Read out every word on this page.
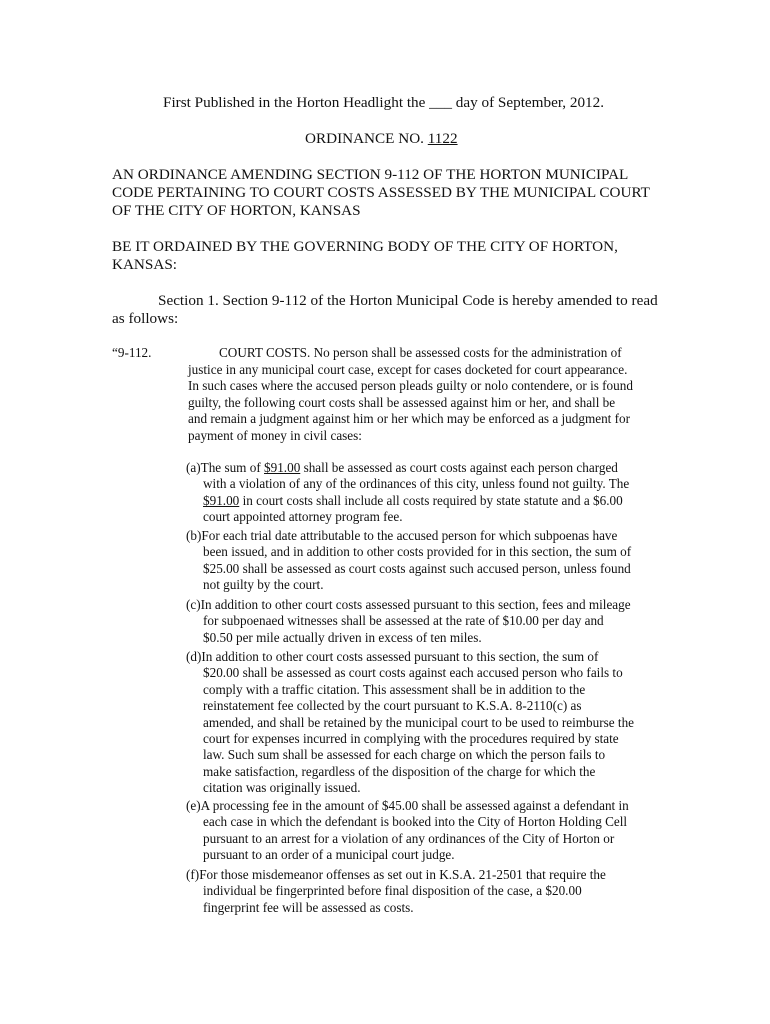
First Published in the Horton Headlight the ___ day of September, 2012.
ORDINANCE NO. 1122
AN ORDINANCE AMENDING SECTION 9-112 OF THE HORTON MUNICIPAL
CODE PERTAINING TO COURT COSTS ASSESSED BY THE MUNICIPAL COURT
OF THE CITY OF HORTON, KANSAS
BE IT ORDAINED BY THE GOVERNING BODY OF THE CITY OF HORTON,
KANSAS:
Section 1. Section 9-112 of the Horton Municipal Code is hereby amended to read
as follows:
“9-112.	COURT COSTS. No person shall be assessed costs for the administration of
justice in any municipal court case, except for cases docketed for court appearance.
In such cases where the accused person pleads guilty or nolo contendere, or is found
guilty, the following court costs shall be assessed against him or her, and shall be
and remain a judgment against him or her which may be enforced as a judgment for
payment of money in civil cases:
(a)The sum of $91.00 shall be assessed as court costs against each person charged
with a violation of any of the ordinances of this city, unless found not guilty. The
$91.00 in court costs shall include all costs required by state statute and a $6.00
court appointed attorney program fee.
(b)For each trial date attributable to the accused person for which subpoenas have
been issued, and in addition to other costs provided for in this section, the sum of
$25.00 shall be assessed as court costs against such accused person, unless found
not guilty by the court.
(c)In addition to other court costs assessed pursuant to this section, fees and mileage
for subpoenaed witnesses shall be assessed at the rate of $10.00 per day and
$0.50 per mile actually driven in excess of ten miles.
(d)In addition to other court costs assessed pursuant to this section, the sum of
$20.00 shall be assessed as court costs against each accused person who fails to
comply with a traffic citation. This assessment shall be in addition to the
reinstatement fee collected by the court pursuant to K.S.A. 8-2110(c) as
amended, and shall be retained by the municipal court to be used to reimburse the
court for expenses incurred in complying with the procedures required by state
law. Such sum shall be assessed for each charge on which the person fails to
make satisfaction, regardless of the disposition of the charge for which the
citation was originally issued.
(e)A processing fee in the amount of $45.00 shall be assessed against a defendant in
each case in which the defendant is booked into the City of Horton Holding Cell
pursuant to an arrest for a violation of any ordinances of the City of Horton or
pursuant to an order of a municipal court judge.
(f)For those misdemeanor offenses as set out in K.S.A. 21-2501 that require the
individual be fingerprinted before final disposition of the case, a $20.00
fingerprint fee will be assessed as costs.
